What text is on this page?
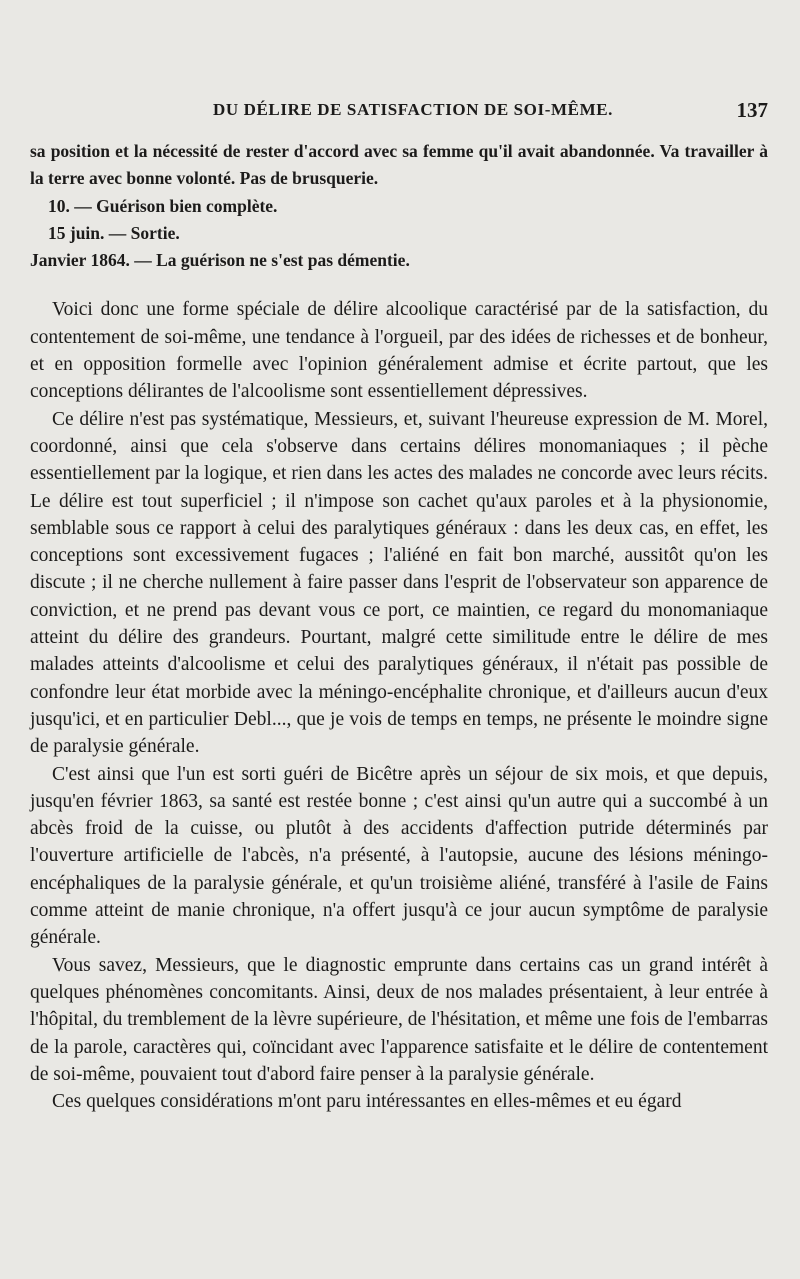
DU DÉLIRE DE SATISFACTION DE SOI-MÊME.	137

sa position et la nécessité de rester d'accord avec sa femme qu'il avait abandonnée. Va travailler à la terre avec bonne volonté. Pas de brusquerie.

10. — Guérison bien complète.

15 juin. — Sortie.

Janvier 1864. — La guérison ne s'est pas démentie.

Voici donc une forme spéciale de délire alcoolique caractérisé par de la satisfaction, du contentement de soi-même, une tendance à l'orgueil, par des idées de richesses et de bonheur, et en opposition formelle avec l'opinion généralement admise et écrite partout, que les conceptions délirantes de l'alcoolisme sont essentiellement dépressives.

Ce délire n'est pas systématique, Messieurs, et, suivant l'heureuse expression de M. Morel, coordonné, ainsi que cela s'observe dans certains délires monomaniaques ; il pèche essentiellement par la logique, et rien dans les actes des malades ne concorde avec leurs récits. Le délire est tout superficiel ; il n'impose son cachet qu'aux paroles et à la physionomie, semblable sous ce rapport à celui des paralytiques généraux : dans les deux cas, en effet, les conceptions sont excessivement fugaces ; l'aliéné en fait bon marché, aussitôt qu'on les discute ; il ne cherche nullement à faire passer dans l'esprit de l'observateur son apparence de conviction, et ne prend pas devant vous ce port, ce maintien, ce regard du monomaniaque atteint du délire des grandeurs. Pourtant, malgré cette similitude entre le délire de mes malades atteints d'alcoolisme et celui des paralytiques généraux, il n'était pas possible de confondre leur état morbide avec la méningo-encéphalite chronique, et d'ailleurs aucun d'eux jusqu'ici, et en particulier Debl..., que je vois de temps en temps, ne présente le moindre signe de paralysie générale.

C'est ainsi que l'un est sorti guéri de Bicêtre après un séjour de six mois, et que depuis, jusqu'en février 1863, sa santé est restée bonne ; c'est ainsi qu'un autre qui a succombé à un abcès froid de la cuisse, ou plutôt à des accidents d'affection putride déterminés par l'ouverture artificielle de l'abcès, n'a présenté, à l'autopsie, aucune des lésions méningo-encéphaliques de la paralysie générale, et qu'un troisième aliéné, transféré à l'asile de Fains comme atteint de manie chronique, n'a offert jusqu'à ce jour aucun symptôme de paralysie générale.

Vous savez, Messieurs, que le diagnostic emprunte dans certains cas un grand intérêt à quelques phénomènes concomitants. Ainsi, deux de nos malades présentaient, à leur entrée à l'hôpital, du tremblement de la lèvre supérieure, de l'hésitation, et même une fois de l'embarras de la parole, caractères qui, coïncidant avec l'apparence satisfaite et le délire de contentement de soi-même, pouvaient tout d'abord faire penser à la paralysie générale.

Ces quelques considérations m'ont paru intéressantes en elles-mêmes et eu égard
